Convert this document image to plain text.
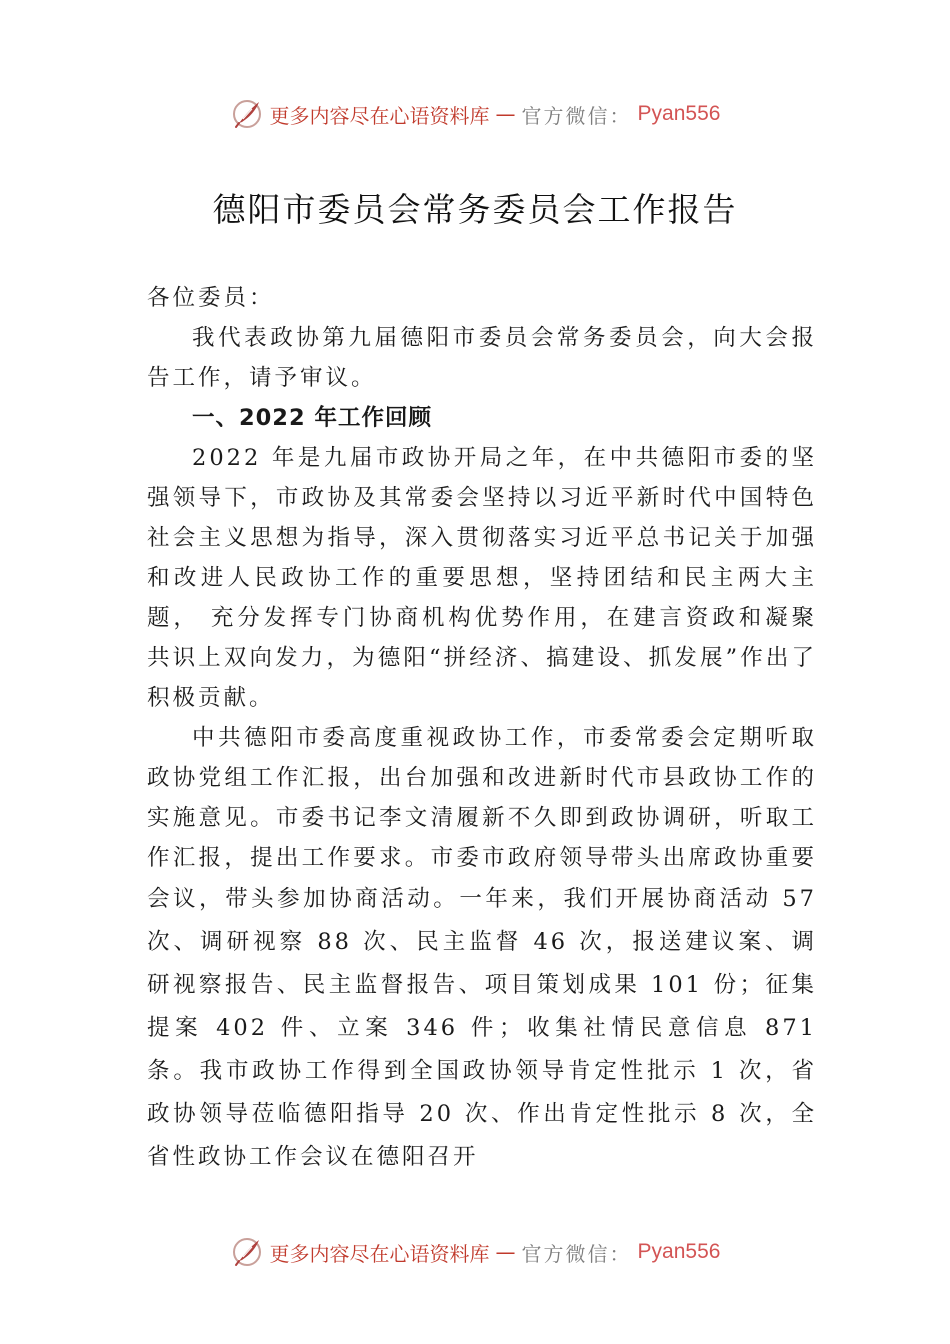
更多内容尽在心语资料库 — 官方微信： Pyan556
德阳市委员会常务委员会工作报告

各位委员：

我代表政协第九届德阳市委员会常务委员会，向大会报告工作，请予审议。

一、2022 年工作回顾

2022 年是九届市政协开局之年，在中共德阳市委的坚强领导下，市政协及其常委会坚持以习近平新时代中国特色社会主义思想为指导，深入贯彻落实习近平总书记关于加强和改进人民政协工作的重要思想，坚持团结和民主两大主题， 充分发挥专门协商机构优势作用，在建言资政和凝聚共识上双向发力，为德阳“拼经济、搞建设、抓发展”作出了积极贡献。

中共德阳市委高度重视政协工作，市委常委会定期听取政协党组工作汇报，出台加强和改进新时代市县政协工作的实施意见。市委书记李文清履新不久即到政协调研，听取工作汇报，提出工作要求。市委市政府领导带头出席政协重要会议，带头参加协商活动。一年来，我们开展协商活动 57 次、调研视察 88 次、民主监督 46 次，报送建议案、调研视察报告、民主监督报告、项目策划成果 101 份；征集提案 402 件、立案 346 件；收集社情民意信息 871 条。我市政协工作得到全国政协领导肯定性批示 1 次，省政协领导莅临德阳指导 20 次、作出肯定性批示 8 次，全省性政协工作会议在德阳召开

更多内容尽在心语资料库 — 官方微信： Pyan556
